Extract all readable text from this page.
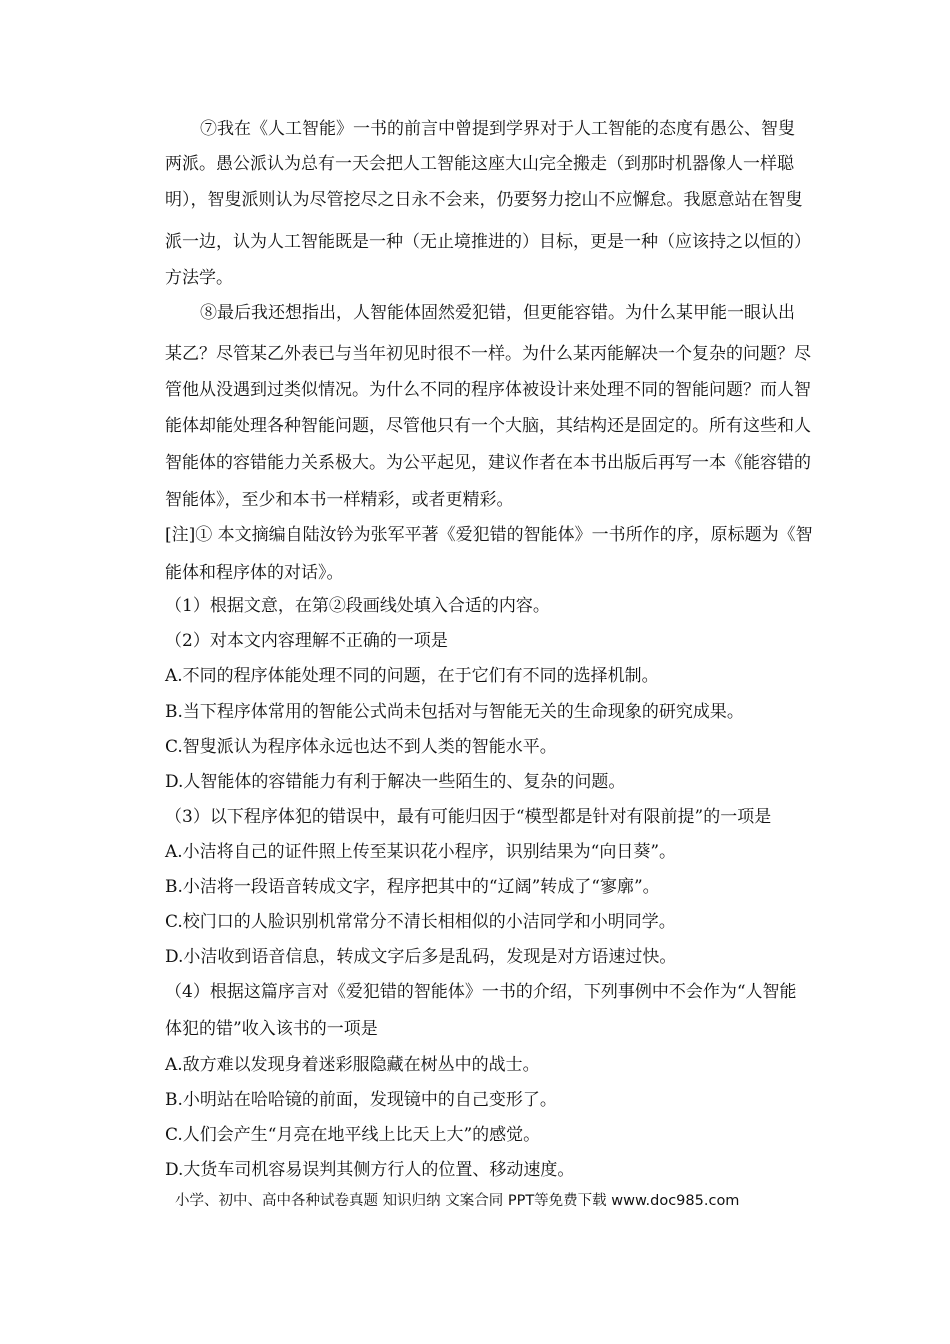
⑦我在《人工智能》一书的前言中曾提到学界对于人工智能的态度有愚公、智叟
两派。愚公派认为总有一天会把人工智能这座大山完全搬走（到那时机器像人一样聪
明），智叟派则认为尽管挖尽之日永不会来，仍要努力挖山不应懈怠。我愿意站在智叟
派一边，认为人工智能既是一种（无止境推进的）目标，更是一种（应该持之以恒的）
方法学。
⑧最后我还想指出，人智能体固然爱犯错，但更能容错。为什么某甲能一眼认出
某乙？尽管某乙外表已与当年初见时很不一样。为什么某丙能解决一个复杂的问题？尽
管他从没遇到过类似情况。为什么不同的程序体被设计来处理不同的智能问题？而人智
能体却能处理各种智能问题，尽管他只有一个大脑，其结构还是固定的。所有这些和人
智能体的容错能力关系极大。为公平起见，建议作者在本书出版后再写一本《能容错的
智能体》，至少和本书一样精彩，或者更精彩。
[注]① 本文摘编自陆汝钤为张军平著《爱犯错的智能体》一书所作的序，原标题为《智
能体和程序体的对话》。
（1）根据文意，在第②段画线处填入合适的内容。
（2）对本文内容理解不正确的一项是
A.不同的程序体能处理不同的问题，在于它们有不同的选择机制。
B.当下程序体常用的智能公式尚未包括对与智能无关的生命现象的研究成果。
C.智叟派认为程序体永远也达不到人类的智能水平。
D.人智能体的容错能力有利于解决一些陌生的、复杂的问题。
（3）以下程序体犯的错误中，最有可能归因于“模型都是针对有限前提”的一项是
A.小洁将自己的证件照上传至某识花小程序，识别结果为“向日葵”。
B.小洁将一段语音转成文字，程序把其中的“辽阔”转成了“寥廓”。
C.校门口的人脸识别机常常分不清长相相似的小洁同学和小明同学。
D.小洁收到语音信息，转成文字后多是乱码，发现是对方语速过快。
（4）根据这篇序言对《爱犯错的智能体》一书的介绍，下列事例中不会作为“人智能
体犯的错”收入该书的一项是
A.敌方难以发现身着迷彩服隐藏在树丛中的战士。
B.小明站在哈哈镜的前面，发现镜中的自己变形了。
C.人们会产生“月亮在地平线上比天上大”的感觉。
D.大货车司机容易误判其侧方行人的位置、移动速度。
小学、初中、高中各种试卷真题 知识归纳 文案合同 PPT等免费下载 www.doc985.com
